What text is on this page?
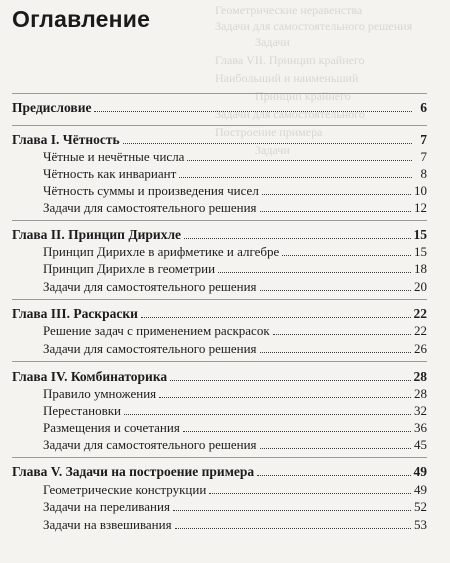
Оглавление	Геометрические неравенства
Задачи для самостоятельного решения
Задачи
Глава VII. Принцип крайнего
Наибольший и наименьший
Принцип крайнего
Задачи для самостоятельного
Построение примера
Задачи
Предисловие	6
Глава I. Чётность	7
Чётные и нечётные числа	7
Чётность как инвариант	8
Чётность суммы и произведения чисел	10
Задачи для самостоятельного решения	12
Глава II. Принцип Дирихле	15
Принцип Дирихле в арифметике и алгебре	15
Принцип Дирихле в геометрии	18
Задачи для самостоятельного решения	20
Глава III. Раскраски	22
Решение задач с применением раскрасок	22
Задачи для самостоятельного решения	26
Глава IV. Комбинаторика	28
Правило умножения	28
Перестановки	32
Размещения и сочетания	36
Задачи для самостоятельного решения	45
Глава V. Задачи на построение примера	49
Геометрические конструкции	49
Задачи на переливания	52
Задачи на взвешивания	53
